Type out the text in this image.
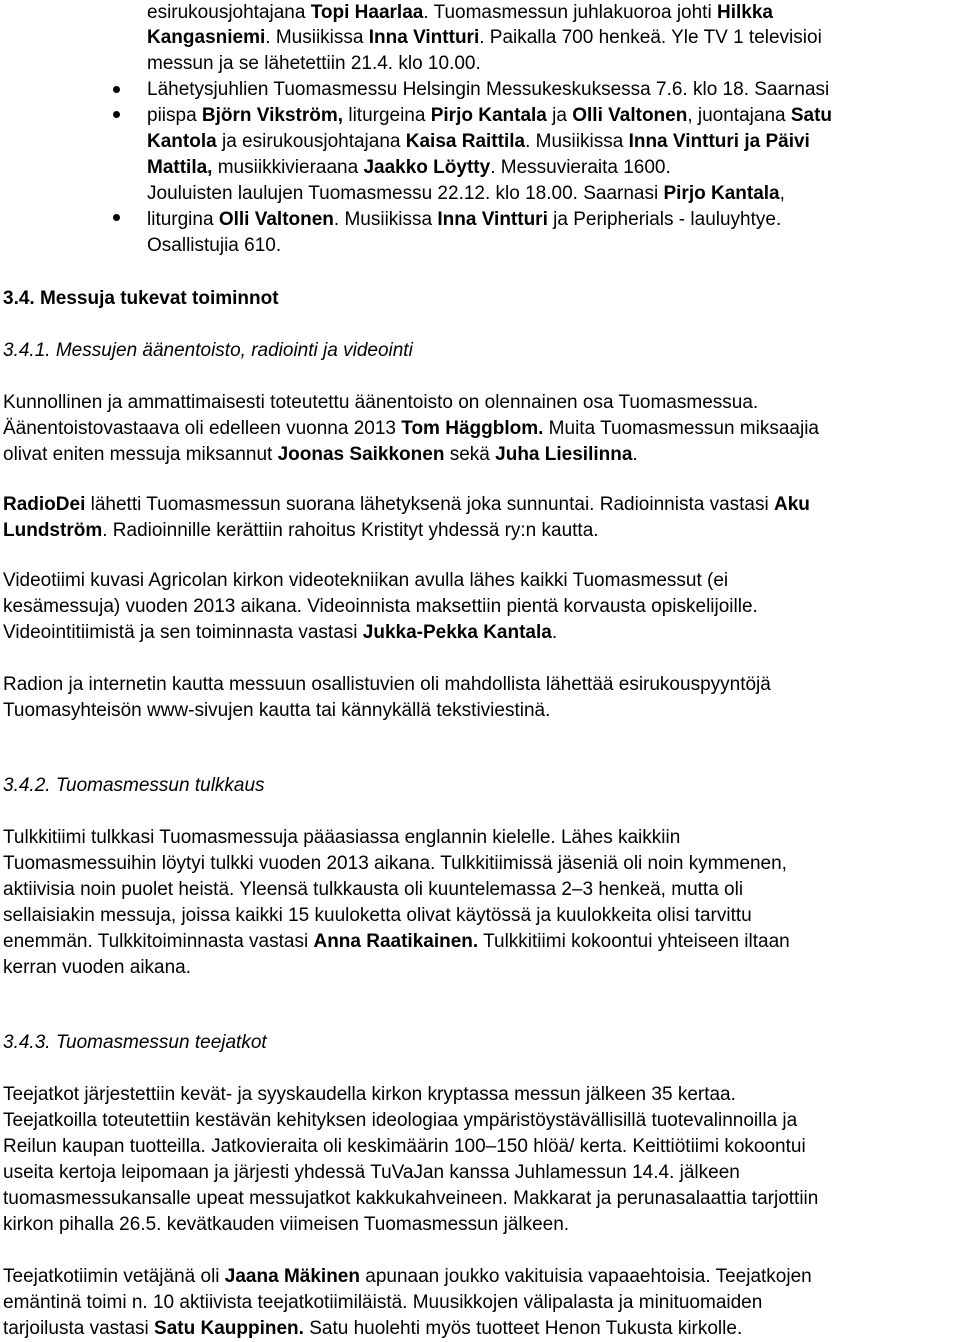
esirukousjohtajana Topi Haarlaa. Tuomasmessun juhlakuoroa johti Hilkka
Kangasniemi. Musiikissa Inna Vintturi. Paikalla 700 henkeä. Yle TV 1 televisioi
messun ja se lähetettiin 21.4. klo 10.00.
Lähetysjuhlien Tuomasmessu Helsingin Messukeskuksessa 7.6. klo 18. Saarnasi
piispa Björn Vikström, liturgeina Pirjo Kantala ja Olli Valtonen, juontajana Satu
Kantola ja esirukousjohtajana Kaisa Raittila. Musiikissa Inna Vintturi ja Päivi
Mattila, musiikkivieraana Jaakko Löytty. Messuvieraita 1600.
Jouluisten laulujen Tuomasmessu 22.12. klo 18.00. Saarnasi Pirjo Kantala,
liturgina Olli Valtonen. Musiikissa Inna Vintturi ja Peripherials - lauluyhtye.
Osallistujia 610.
3.4. Messuja tukevat toiminnot
3.4.1. Messujen äänentoisto, radiointi ja videointi
Kunnollinen ja ammattimaisesti toteutettu äänentoisto on olennainen osa Tuomasmessua.
Äänentoistovastaava oli edelleen vuonna 2013 Tom Häggblom. Muita Tuomasmessun miksaajia
olivat eniten messuja miksannut Joonas Saikkonen sekä Juha Liesilinna.
RadioDei lähetti Tuomasmessun suorana lähetyksenä joka sunnuntai. Radioinnista vastasi Aku
Lundström. Radioinnille kerättiin rahoitus Kristityt yhdessä ry:n kautta.
Videotiimi kuvasi Agricolan kirkon videotekniikan avulla lähes kaikki Tuomasmessut (ei
kesämessuja) vuoden 2013 aikana. Videoinnista maksettiin pientä korvausta opiskelijoille.
Videointitiimistä ja sen toiminnasta vastasi Jukka-Pekka Kantala.
Radion ja internetin kautta messuun osallistuvien oli mahdollista lähettää esirukouspyyntöjä
Tuomasyhteisön www-sivujen kautta tai kännykällä tekstiviestinä.
3.4.2. Tuomasmessun tulkkaus
Tulkkitiimi tulkkasi Tuomasmessuja pääasiassa englannin kielelle. Lähes kaikkiin
Tuomasmessuihin löytyi tulkki vuoden 2013 aikana. Tulkkitiimissä jäseniä oli noin kymmenen,
aktiivisia noin puolet heistä. Yleensä tulkkausta oli kuuntelemassa 2–3 henkeä, mutta oli
sellaisiakin messuja, joissa kaikki 15 kuulokettа olivat käytössä ja kuulokkeita olisi tarvittu
enemmän. Tulkkitoiminnasta vastasi Anna Raatikainen. Tulkkitiimi kokoontui yhteiseen iltaan
kerran vuoden aikana.
3.4.3. Tuomasmessun teejatkot
Teejatkot järjestettiin kevät- ja syyskaudella kirkon kryptassa messun jälkeen 35 kertaa.
Teejatkoilla toteutettiin kestävän kehityksen ideologiaa ympäristöystävällisillä tuotevalinnoilla ja
Reilun kaupan tuotteilla. Jatkovieraita oli keskimäärin 100–150 hlöä/ kerta. Keittiötiimi kokoontui
useita kertoja leipomaan ja järjesti yhdessä TuVaJan kanssa Juhlamessun 14.4. jälkeen
tuomasmessukansalle upeat messujatkot kakkukahveineen. Makkarat ja perunasalaattia tarjottiin
kirkon pihalla 26.5. kevätkauden viimeisen Tuomasmessun jälkeen.
Teejatkotiimin vetäjänä oli Jaana Mäkinen apunaan joukko vakituisia vapaaehtoisia. Teejatkojen
emäntinä toimi n. 10 aktiivista teejatkotiimiläistä. Muusikkojen välipalasta ja minituomaiden
tarjoilusta vastasi Satu Kauppinen. Satu huolehti myös tuotteet Henon Tukusta kirkolle.
